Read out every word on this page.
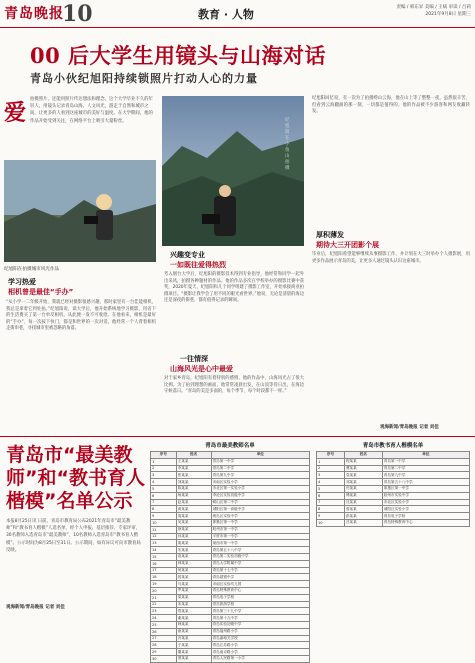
青岛晚报
10	教育 · 人物
责编 / 韩东昇 美编 / 王斌 审读 / 吕莉
2021年9月8日 星期三
00 后大学生用镜头与山海对话
青岛小伙纪旭阳持续锁照片打动人心的力量
爱
拍摄照片，还能用照片传达想法和理念。这个大学毕业不久的年轻人，用镜头记录青岛山海、人文风光，游走于自然和城市之间，让更多的人看到这座城市的美好与温度。在大学期间，他的作品开始受到关注，在网络平台上吸引大量粉丝。
纪旭阳在拍摄城市风光作品
纪旭阳在小鱼山拍摄
学习热爱
相机曾是最佳“手办”
“从小学一二年级开始，我就已经对摄影很感兴趣，那时家里有一台佳能相机，我总是拿着它到处拍。”纪旭阳说，读大学后，他开始系统地学习摄影，用省下的生活费买了第一台单反相机，从此便一发不可收拾。在他看来，相机是最好的“手办”，每一次按下快门，都是和世界的一次对话。他经常一个人背着相机走街串巷，寻找城市里被忽略的角落。
兴趣变专业
一如既往爱得热烈
考入烟台大学后，纪旭阳的摄影技术得到专业指导，他经常和同学一起外出采风，拍摄各种题材的作品。他的作品多次在学校举办的摄影比赛中获奖，2020年夏天，纪旭阳和几个同学组建了摄影工作室，开始承接商业拍摄项目。“摄影让我学会了用不同的眼光看世界。”他说，无论是清晨的海边还是深夜的街巷，都有值得记录的瞬间。
一往情深
山海风光是心中最爱
对于家乡青岛，纪旭阳有着特别的感情。他的作品中，山海风光占了很大比例。为了拍到理想的画面，他常常凌晨出发，在山顶等待日出，在海边守候落日。“青岛的美是多面的，每个季节、每个时段都不一样。”
纪旭阳回忆说，有一次为了拍摄崂山云海，他在山上等了整整一夜，虽然很辛苦，但看到云海翻涌的那一刻，一切都是值得的。他的作品被不少游客和网友收藏转发。
厚积薄发
期待大三开团影个展
毕业后，纪旭阳希望能够继续从事摄影工作，并计划在大三时举办个人摄影展，用更多作品展示青岛的美，让更多人通过镜头认识这座城市。
观海新闻/青岛晚报 记者 刘佳
青岛市“最美教师”和“教书育人楷模”名单公示
本报8月25日讯 日前，青岛市教育局公布2021年青岛市“最美教师”和“教书育人楷模”人选名单，经个人申报、基层推荐、专家评审，30名教师入选青岛市“最美教师”，10名教师入选青岛市“教书育人楷模”。公示时间为8月25日至31日。公示期间，如有异议可向市教育局反映。
观海新闻/青岛晚报 记者 刘佳
青岛市最美教师名单
序号	姓名	单位
1	王某某	青岛第一中学
2	李某某	青岛第二中学
3	张某某	青岛第九中学
4	刘某某	市南区实验小学
5	陈某某	市北区第一实验小学
6	杨某某	李沧区实验初级中学
7	赵某某	崂山区第二中学
8	黄某某	城阳区第一高级中学
9	周某某	黄岛区实验中学
10	吴某某	即墨区第一中学
11	徐某某	胶州市第一中学
12	孙某某	平度市第一中学
13	胡某某	莱西市第一中学
14	朱某某	青岛第五十八中学
15	高某某	青岛第二实验初级中学
16	林某某	青岛大学附属中学
17	何某某	青岛第十七中学
18	郭某某	青岛超银中学
19	马某某	市南区实验幼儿园
20	罗某某	青岛特殊教育中心
21	梁某某	青岛电子学校
22	宋某某	青岛旅游学校
23	郑某某	青岛第三十九中学
24	谢某某	青岛第十九中学
25	韩某某	青岛实验初级中学
26	唐某某	青岛福州路小学
27	冯某某	青岛嘉峪关学校
28	于某某	青岛江苏路小学
29	董某某	青岛南京路小学
30	萧某某	青岛人民路第一小学
青岛市教书育人楷模名单
序号	姓名	单位
1	程某某	青岛第一中学
2	曹某某	青岛第二中学
3	袁某某	青岛第九中学
4	邓某某	青岛第五十八中学
5	许某某	即墨区第一中学
6	傅某某	胶州市实验中学
7	沈某某	市北区实验小学
8	曾某某	城阳区实验小学
9	彭某某	青岛电子学校
10	吕某某	青岛特殊教育中心
